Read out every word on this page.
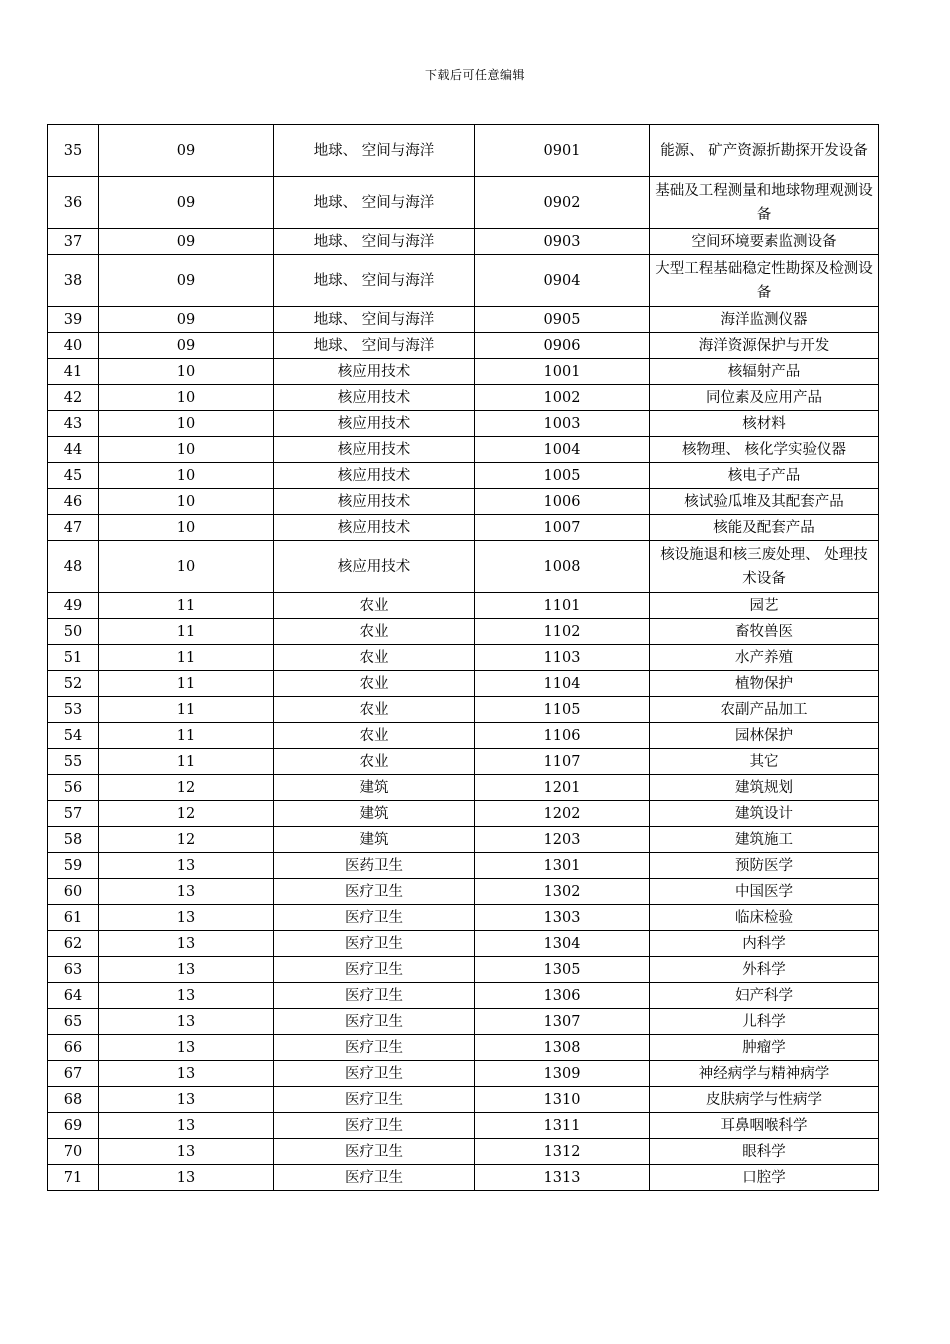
下载后可任意编辑
35	09	地球、 空间与海洋	0901	能源、 矿产资源折勘探开发设备
36	09	地球、 空间与海洋	0902	基础及工程测量和地球物理观测设备
37	09	地球、 空间与海洋	0903	空间环境要素监测设备
38	09	地球、 空间与海洋	0904	大型工程基础稳定性勘探及检测设备
39	09	地球、 空间与海洋	0905	海洋监测仪器
40	09	地球、 空间与海洋	0906	海洋资源保护与开发
41	10	核应用技术	1001	核辐射产品
42	10	核应用技术	1002	同位素及应用产品
43	10	核应用技术	1003	核材料
44	10	核应用技术	1004	核物理、 核化学实验仪器
45	10	核应用技术	1005	核电子产品
46	10	核应用技术	1006	核试验瓜堆及其配套产品
47	10	核应用技术	1007	核能及配套产品
48	10	核应用技术	1008	核设施退和核三废处理、 处理技术设备
49	11	农业	1101	园艺
50	11	农业	1102	畜牧兽医
51	11	农业	1103	水产养殖
52	11	农业	1104	植物保护
53	11	农业	1105	农副产品加工
54	11	农业	1106	园林保护
55	11	农业	1107	其它
56	12	建筑	1201	建筑规划
57	12	建筑	1202	建筑设计
58	12	建筑	1203	建筑施工
59	13	医药卫生	1301	预防医学
60	13	医疗卫生	1302	中国医学
61	13	医疗卫生	1303	临床检验
62	13	医疗卫生	1304	内科学
63	13	医疗卫生	1305	外科学
64	13	医疗卫生	1306	妇产科学
65	13	医疗卫生	1307	儿科学
66	13	医疗卫生	1308	肿瘤学
67	13	医疗卫生	1309	神经病学与精神病学
68	13	医疗卫生	1310	皮肤病学与性病学
69	13	医疗卫生	1311	耳鼻咽喉科学
70	13	医疗卫生	1312	眼科学
71	13	医疗卫生	1313	口腔学
